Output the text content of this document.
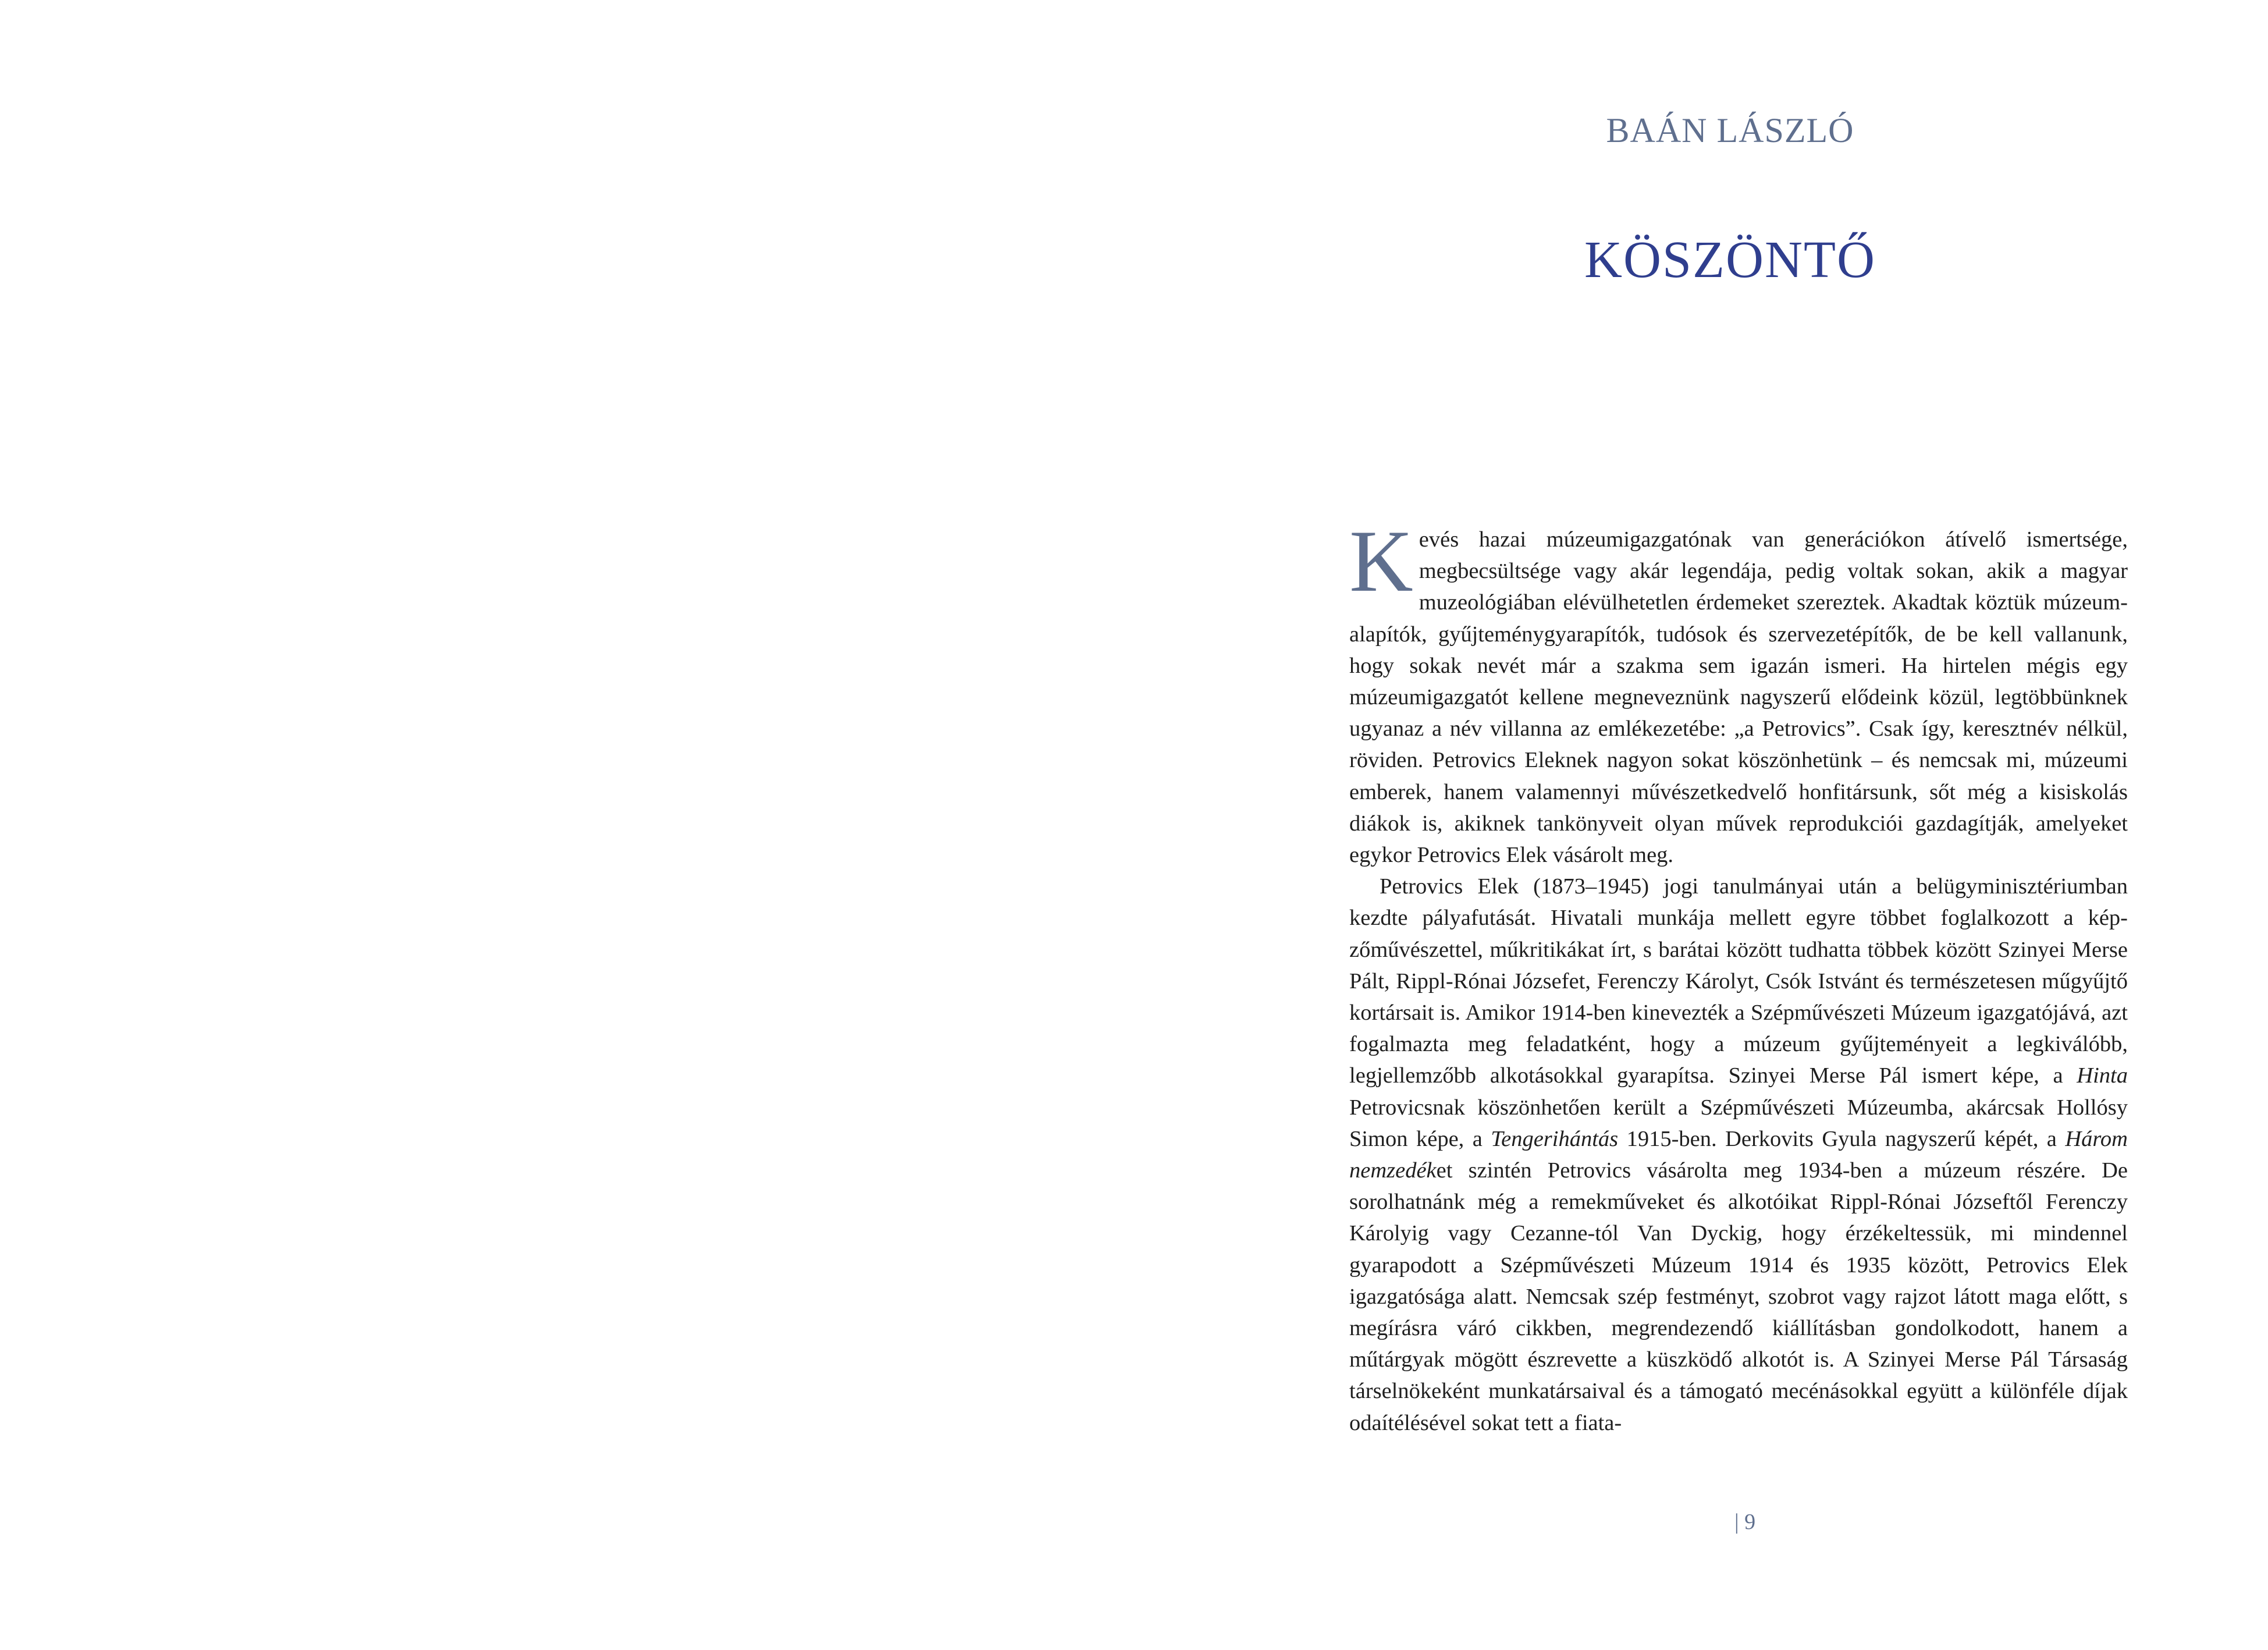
BAÁN LÁSZLÓ
KÖSZÖNTŐ

Kevés hazai múzeumigazgatónak van generációkon átívelő ismertsége, megbecsültsége vagy akár legendája, pedig voltak sokan, akik a magyar muzeológiában elévülhetetlen érdemeket szereztek. Akadtak köztük múzeumalapítók, gyűjteménygyarapítók, tudósok és szervezetépítők, de be kell vallanunk, hogy sokak nevét már a szakma sem igazán ismeri. Ha hirtelen mégis egy múzeumigazgatót kellene megneveznünk nagyszerű elődeink közül, legtöbbünknek ugyanaz a név villanna az emlékezetébe: „a Petrovics”. Csak így, keresztnév nélkül, röviden. Petrovics Eleknek nagyon sokat köszönhetünk – és nemcsak mi, múzeumi emberek, hanem valamennyi művészetkedvelő honfitársunk, sőt még a kisiskolás diákok is, akiknek tankönyveit olyan művek reprodukciói gazdagítják, amelyeket egykor Petrovics Elek vásárolt meg.

Petrovics Elek (1873–1945) jogi tanulmányai után a belügyminisztériumban kezdte pályafutását. Hivatali munkája mellett egyre többet foglalkozott a képzőművészettel, műkritikákat írt, s barátai között tudhatta többek között Szinyei Merse Pált, Rippl-Rónai Józsefet, Ferenczy Károlyt, Csók Istvánt és természetesen műgyűjtő kortársait is. Amikor 1914-ben kinevezték a Szépművészeti Múzeum igazgatójává, azt fogalmazta meg feladatként, hogy a múzeum gyűjteményeit a legkiválóbb, legjellemzőbb alkotásokkal gyarapítsa. Szinyei Merse Pál ismert képe, a Hinta Petrovicsnak köszönhetően került a Szépművészeti Múzeumba, akárcsak Hollósy Simon képe, a Tengerihántás 1915-ben. Derkovits Gyula nagyszerű képét, a Három nemzedéket szintén Petrovics vásárolta meg 1934-ben a múzeum részére. De sorolhatnánk még a remekműveket és alkotóikat Rippl-Rónai Józseftől Ferenczy Károlyig vagy Cezanne-tól Van Dyckig, hogy érzékeltessük, mi mindennel gyarapodott a Szépművészeti Múzeum 1914 és 1935 között, Petrovics Elek igazgatósága alatt. Nemcsak szép festményt, szobrot vagy rajzot látott maga előtt, s megírásra váró cikkben, megrendezendő kiállításban gondolkodott, hanem a műtárgyak mögött észrevette a küszködő alkotót is. A Szinyei Merse Pál Társaság társelnökeként munkatársaival és a támogató mecénásokkal együtt a különféle díjak odaítélésével sokat tett a fiata-

| 9
